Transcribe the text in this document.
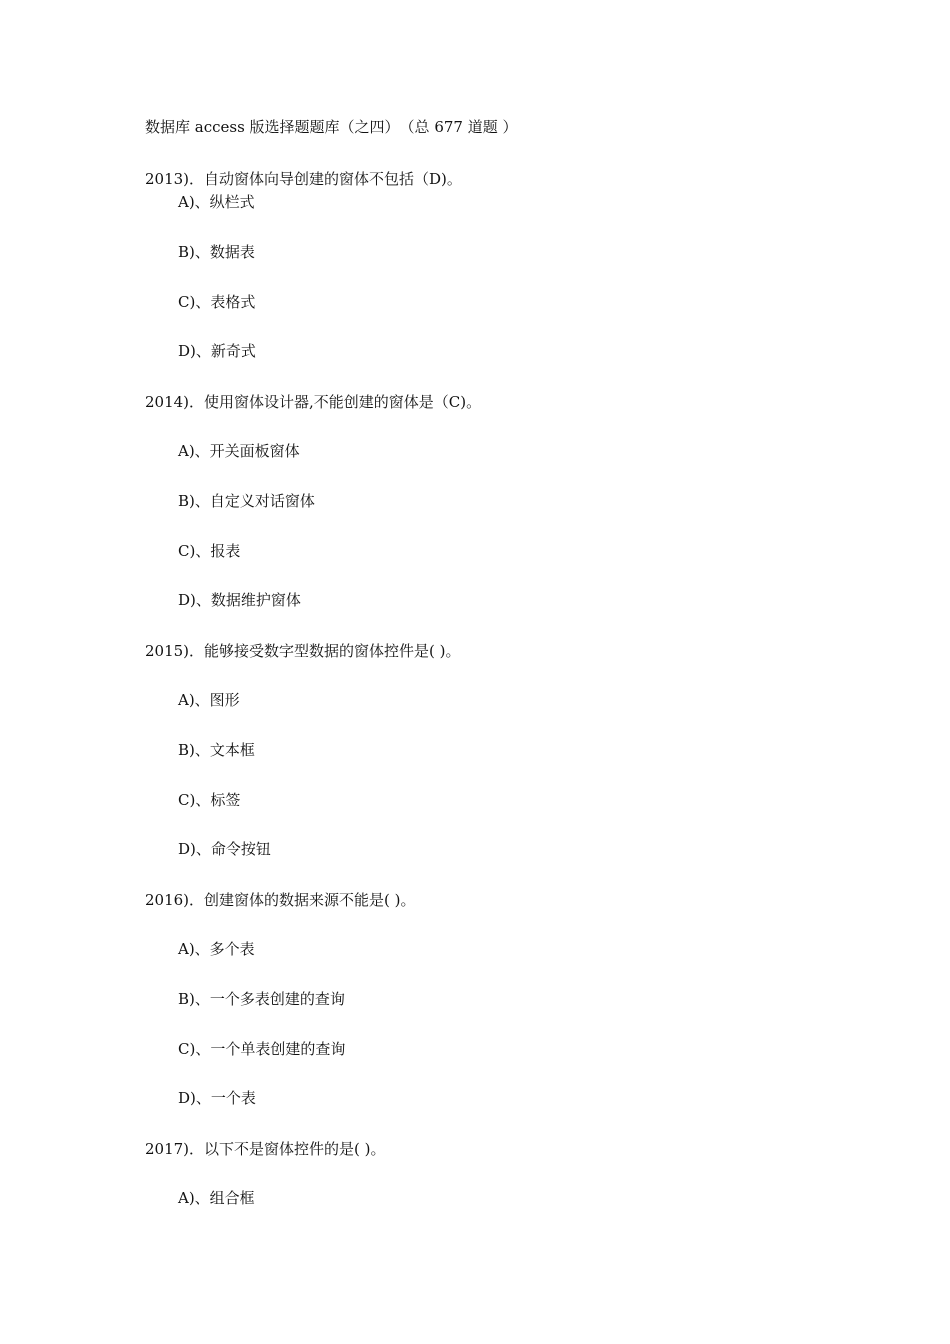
数据库 access 版选择题题库（之四）　（总 677 道题 ）
2013)．自动窗体向导创建的窗体不包括（D)。
A)、纵栏式
B)、数据表
C)、表格式
D)、新奇式
2014)．使用窗体设计器,不能创建的窗体是（C)。
A)、开关面板窗体
B)、自定义对话窗体
C)、报表
D)、数据维护窗体
2015)．能够接受数字型数据的窗体控件是( )。
A)、图形
B)、文本框
C)、标签
D)、命令按钮
2016)．创建窗体的数据来源不能是( )。
A)、多个表
B)、一个多表创建的查询
C)、一个单表创建的查询
D)、一个表
2017)．以下不是窗体控件的是( )。
A)、组合框
